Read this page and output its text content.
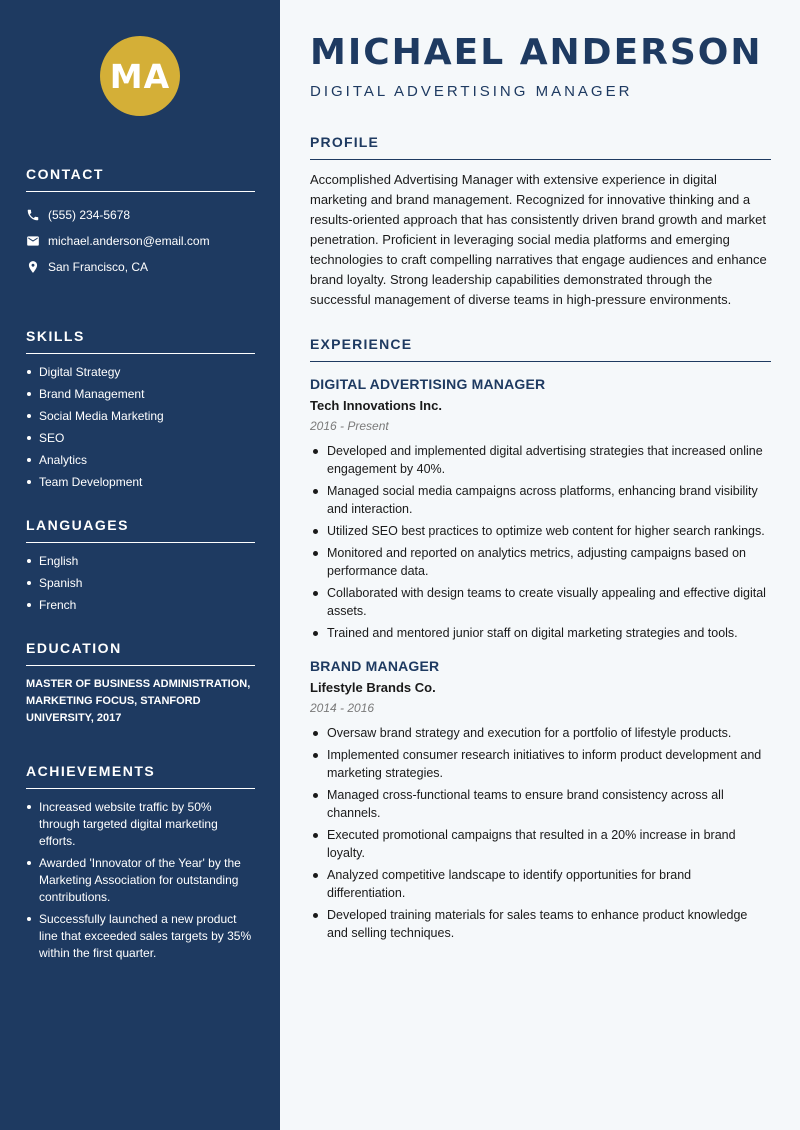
MA
CONTACT
(555) 234-5678
michael.anderson@email.com
San Francisco, CA
SKILLS
Digital Strategy
Brand Management
Social Media Marketing
SEO
Analytics
Team Development
LANGUAGES
English
Spanish
French
EDUCATION

MASTER OF BUSINESS ADMINISTRATION, MARKETING FOCUS, STANFORD UNIVERSITY, 2017

ACHIEVEMENTS
Increased website traffic by 50% through targeted digital marketing efforts.
Awarded 'Innovator of the Year' by the Marketing Association for outstanding contributions.
Successfully launched a new product line that exceeded sales targets by 35% within the first quarter.
MICHAEL ANDERSON
DIGITAL ADVERTISING MANAGER
PROFILE

Accomplished Advertising Manager with extensive experience in digital marketing and brand management. Recognized for innovative thinking and a results-oriented approach that has consistently driven brand growth and market penetration. Proficient in leveraging social media platforms and emerging technologies to craft compelling narratives that engage audiences and enhance brand loyalty. Strong leadership capabilities demonstrated through the successful management of diverse teams in high-pressure environments.

EXPERIENCE
DIGITAL ADVERTISING MANAGER
Tech Innovations Inc.
2016 - Present
Developed and implemented digital advertising strategies that increased online engagement by 40%.
Managed social media campaigns across platforms, enhancing brand visibility and interaction.
Utilized SEO best practices to optimize web content for higher search rankings.
Monitored and reported on analytics metrics, adjusting campaigns based on performance data.
Collaborated with design teams to create visually appealing and effective digital assets.
Trained and mentored junior staff on digital marketing strategies and tools.
BRAND MANAGER
Lifestyle Brands Co.
2014 - 2016
Oversaw brand strategy and execution for a portfolio of lifestyle products.
Implemented consumer research initiatives to inform product development and marketing strategies.
Managed cross-functional teams to ensure brand consistency across all channels.
Executed promotional campaigns that resulted in a 20% increase in brand loyalty.
Analyzed competitive landscape to identify opportunities for brand differentiation.
Developed training materials for sales teams to enhance product knowledge and selling techniques.
